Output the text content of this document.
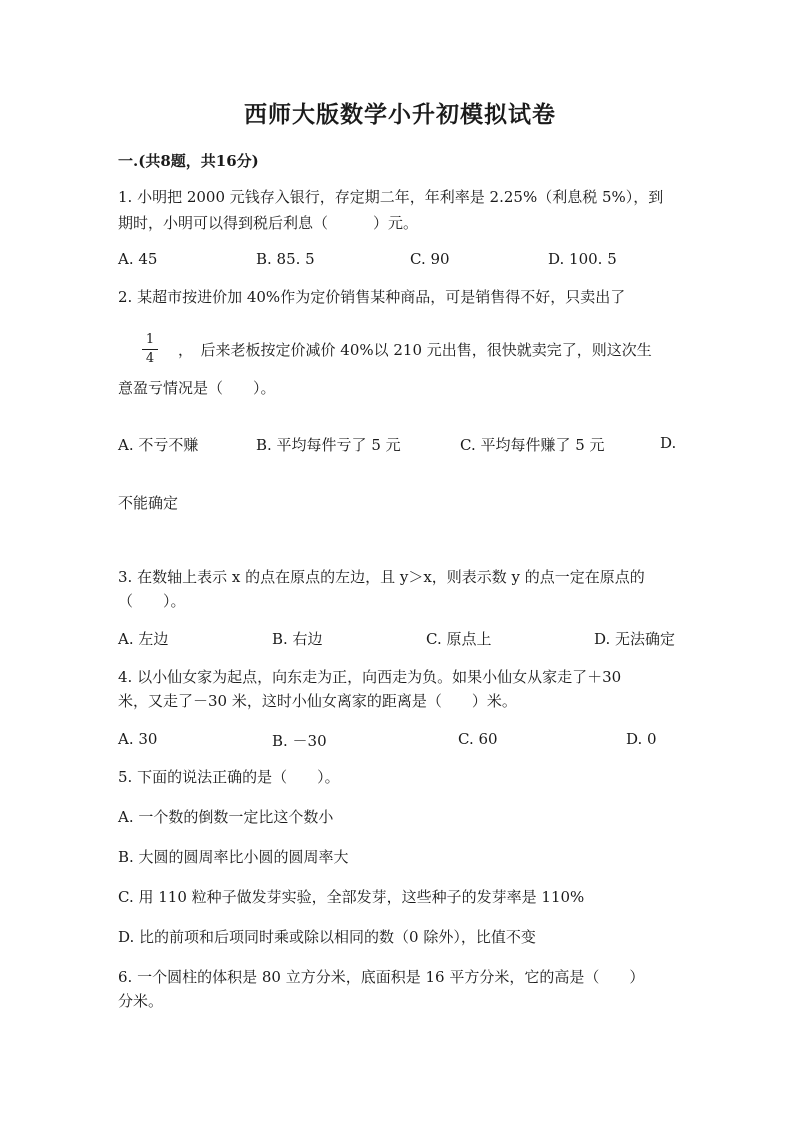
西师大版数学小升初模拟试卷
一.(共8题，共16分)
1. 小明把 2000 元钱存入银行，存定期二年，年利率是 2.25%（利息税 5%），到
期时，小明可以得到税后利息（　　　）元。
A. 45	B. 85. 5	C. 90	D. 100. 5
2. 某超市按进价加 40%作为定价销售某种商品，可是销售得不好，只卖出了
1
4 ，　后来老板按定价减价 40%以 210 元出售，很快就卖完了，则这次生
意盈亏情况是（　　）。
A. 不亏不赚	B. 平均每件亏了 5 元	C. 平均每件赚了 5 元	D.
不能确定
3. 在数轴上表示 x 的点在原点的左边，且 y＞x，则表示数 y 的点一定在原点的
（　　）。
A. 左边	B. 右边	C. 原点上	D. 无法确定
4. 以小仙女家为起点，向东走为正，向西走为负。如果小仙女从家走了＋30
米，又走了－30 米，这时小仙女离家的距离是（　　）米。
A. 30	B. －30	C. 60	D. 0
5. 下面的说法正确的是（　　）。
A. 一个数的倒数一定比这个数小
B. 大圆的圆周率比小圆的圆周率大
C. 用 110 粒种子做发芽实验，全部发芽，这些种子的发芽率是 110%
D. 比的前项和后项同时乘或除以相同的数（0 除外），比值不变
6. 一个圆柱的体积是 80 立方分米，底面积是 16 平方分米，它的高是（　　）
分米。
